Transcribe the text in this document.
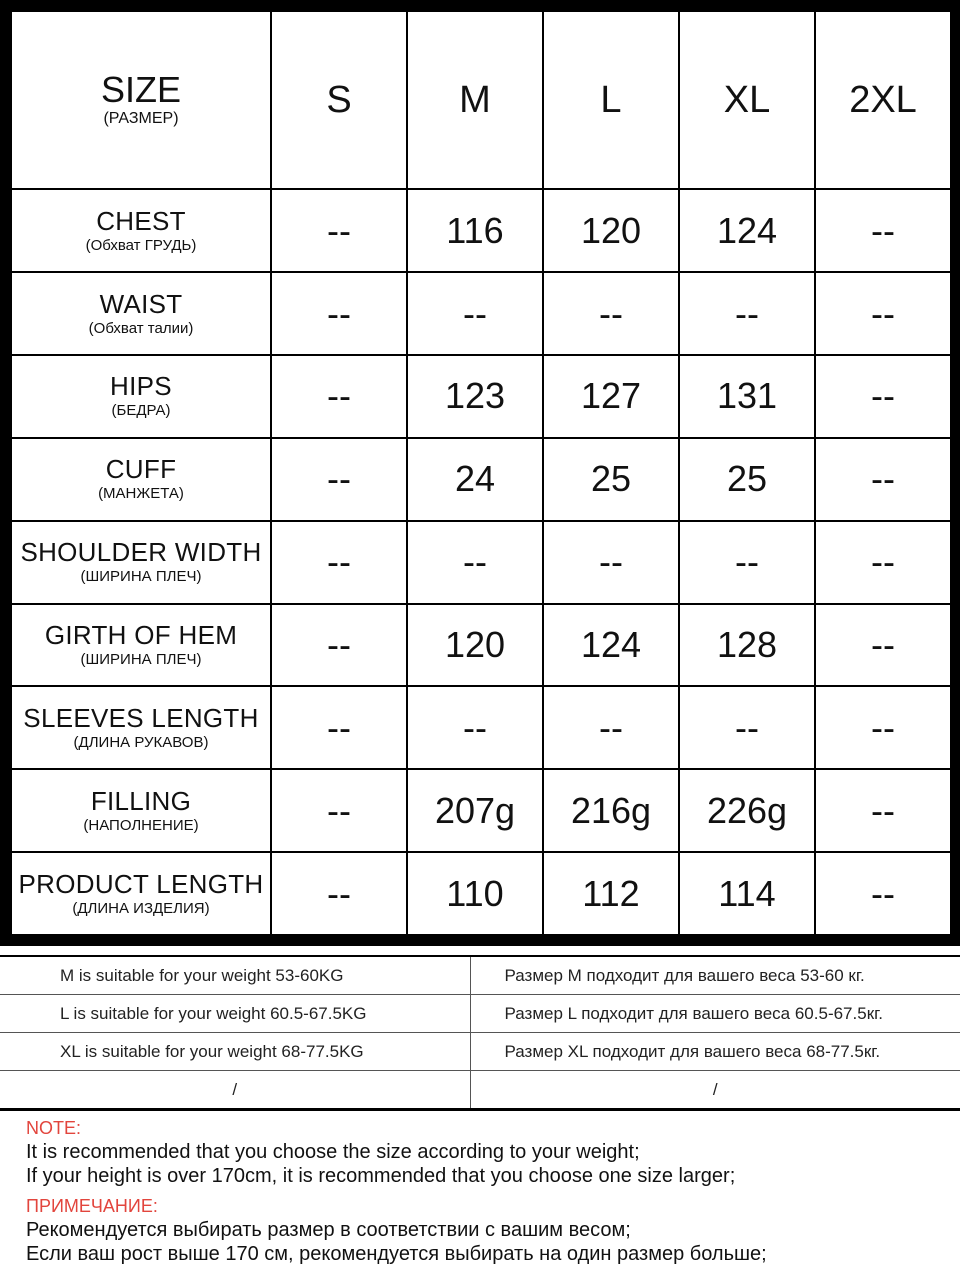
SIZE
(РАЗМЕР)	S	M	L	XL	2XL

CHEST
(Обхват ГРУДЬ)	--	116	120	124	--

WAIST
(Обхват талии)	--	--	--	--	--

HIPS
(БЕДРА)	--	123	127	131	--

CUFF
(МАНЖЕТА)	--	24	25	25	--

SHOULDER WIDTH
(ШИРИНА ПЛЕЧ)	--	--	--	--	--

GIRTH OF HEM
(ШИРИНА ПЛЕЧ)	--	120	124	128	--

SLEEVES LENGTH
(ДЛИНА РУКАВОВ)	--	--	--	--	--

FILLING
(НАПОЛНЕНИЕ)	--	207g	216g	226g	--

PRODUCT LENGTH
(ДЛИНА ИЗДЕЛИЯ)	--	110	112	114	--
M is suitable for your weight 53-60KG	Размер M подходит для вашего веса 53-60 кг.
L is suitable for your weight 60.5-67.5KG	Размер L подходит для вашего веса 60.5-67.5кг.
XL is suitable for your weight 68-77.5KG	Размер XL подходит для вашего веса 68-77.5кг.
/	/
NOTE:
It is recommended that you choose the size according to your weight;
If your height is over 170cm, it is recommended that you choose one size larger;
ПРИМЕЧАНИЕ:
Рекомендуется выбирать размер в соответствии с вашим весом;
Если ваш рост выше 170 см, рекомендуется выбирать на один размер больше;
